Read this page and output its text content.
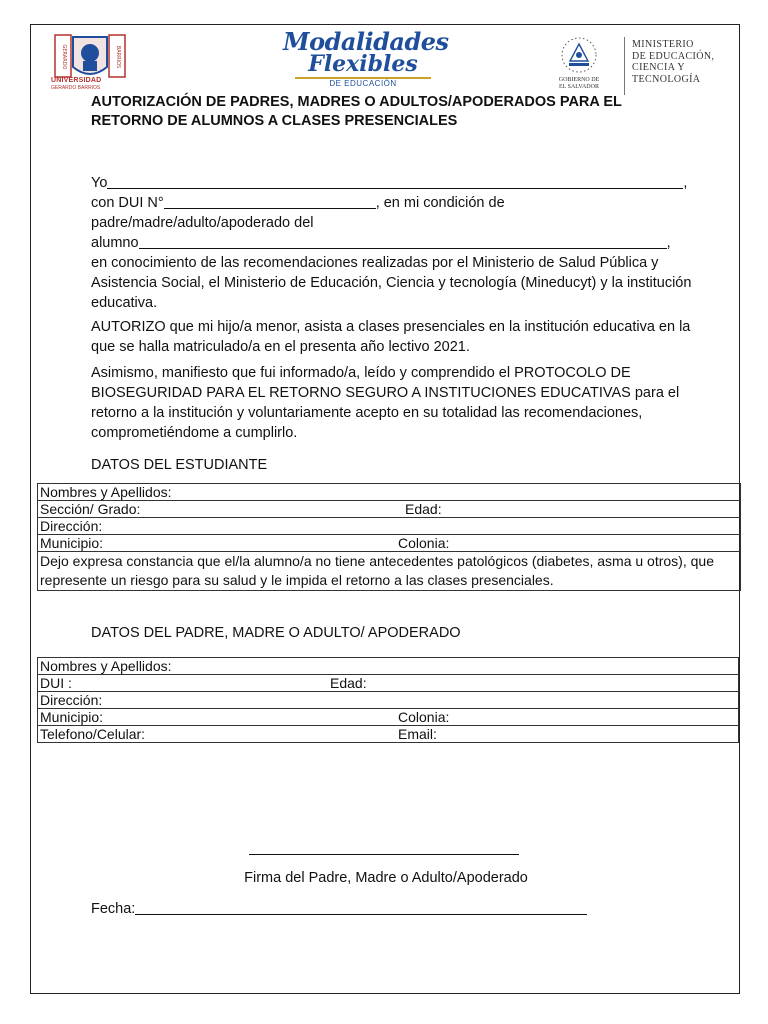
GERARDO	BARRIOS
UNIVERSIDAD
GERARDO BARRIOS
Modalidades
Flexibles
DE EDUCACIÓN	GOBIERNO DE
EL SALVADOR
MINISTERIO
DE EDUCACIÓN,
CIENCIA Y
TECNOLOGÍA
AUTORIZACIÓN DE PADRES, MADRES O ADULTOS/APODERADOS PARA EL
RETORNO DE ALUMNOS A CLASES PRESENCIALES
Yo	,
con DUI N°	, en mi condición de
padre/madre/adulto/apoderado del
alumno	,
en conocimiento de las recomendaciones realizadas por el Ministerio de Salud Pública y Asistencia Social, el Ministerio de Educación, Ciencia y tecnología (Mineducyt) y la institución educativa.
AUTORIZO que mi hijo/a menor, asista a clases presenciales en la institución educativa en la que se halla matriculado/a en el presenta año lectivo 2021.
Asimismo, manifiesto que fui informado/a, leído y comprendido el PROTOCOLO DE BIOSEGURIDAD PARA EL RETORNO SEGURO A INSTITUCIONES EDUCATIVAS para el retorno a la institución y voluntariamente acepto en su totalidad las recomendaciones, comprometiéndome a cumplirlo.
DATOS DEL ESTUDIANTE
Nombres y Apellidos:

Sección/ Grado:	Edad:

Dirección:

Municipio:	Colonia:

Dejo expresa constancia que el/la alumno/a no tiene antecedentes patológicos (diabetes, asma u otros), que represente un riesgo para su salud y le impida el retorno a las clases presenciales.
DATOS DEL PADRE, MADRE O ADULTO/ APODERADO
Nombres y Apellidos:

DUI :	Edad:

Dirección:

Municipio:	Colonia:

Telefono/Celular:	Email:
Firma del Padre, Madre o Adulto/Apoderado
Fecha:
